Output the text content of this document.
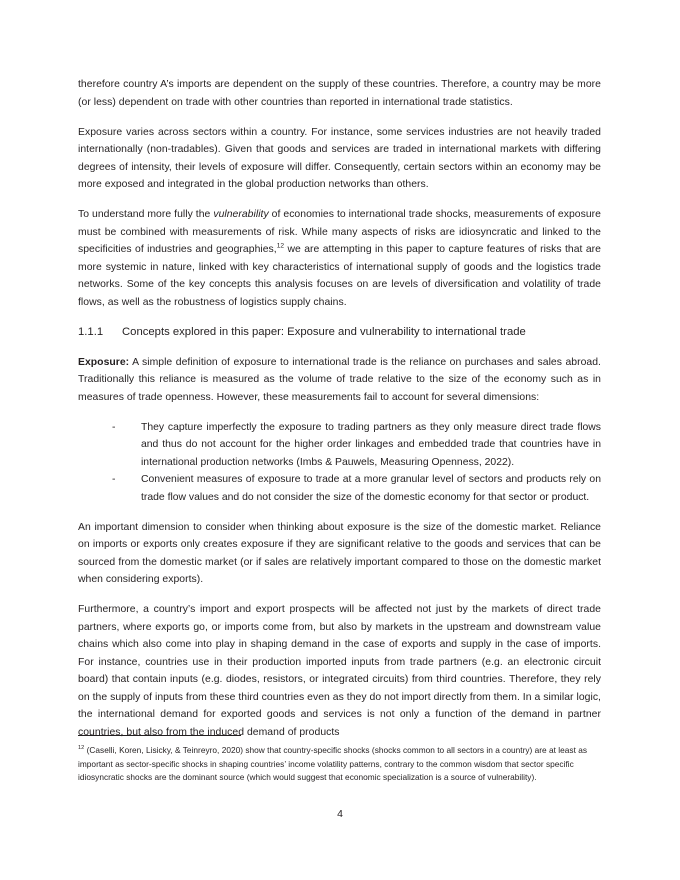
therefore country A’s imports are dependent on the supply of these countries. Therefore, a country may be more (or less) dependent on trade with other countries than reported in international trade statistics.

Exposure varies across sectors within a country. For instance, some services industries are not heavily traded internationally (non-tradables). Given that goods and services are traded in international markets with differing degrees of intensity, their levels of exposure will differ. Consequently, certain sectors within an economy may be more exposed and integrated in the global production networks than others.

To understand more fully the vulnerability of economies to international trade shocks, measurements of exposure must be combined with measurements of risk. While many aspects of risks are idiosyncratic and linked to the specificities of industries and geographies,$^{12}$ we are attempting in this paper to capture features of risks that are more systemic in nature, linked with key characteristics of international supply of goods and the logistics trade networks. Some of the key concepts this analysis focuses on are levels of diversification and volatility of trade flows, as well as the robustness of logistics supply chains.

1.1.1 Concepts explored in this paper: Exposure and vulnerability to international trade

Exposure: A simple definition of exposure to international trade is the reliance on purchases and sales abroad. Traditionally this reliance is measured as the volume of trade relative to the size of the economy such as in measures of trade openness. However, these measurements fail to account for several dimensions:

-	They capture imperfectly the exposure to trading partners as they only measure direct trade flows and thus do not account for the higher order linkages and embedded trade that countries have in international production networks (Imbs & Pauwels, Measuring Openness, 2022).
-	Convenient measures of exposure to trade at a more granular level of sectors and products rely on trade flow values and do not consider the size of the domestic economy for that sector or product.

An important dimension to consider when thinking about exposure is the size of the domestic market. Reliance on imports or exports only creates exposure if they are significant relative to the goods and services that can be sourced from the domestic market (or if sales are relatively important compared to those on the domestic market when considering exports).

Furthermore, a country’s import and export prospects will be affected not just by the markets of direct trade partners, where exports go, or imports come from, but also by markets in the upstream and downstream value chains which also come into play in shaping demand in the case of exports and supply in the case of imports. For instance, countries use in their production imported inputs from trade partners (e.g. an electronic circuit board) that contain inputs (e.g. diodes, resistors, or integrated circuits) from third countries. Therefore, they rely on the supply of inputs from these third countries even as they do not import directly from them. In a similar logic, the international demand for exported goods and services is not only a function of the demand in partner countries, but also from the induced demand of products

$^{12}$ (Caselli, Koren, Lisicky, & Teinreyro, 2020) show that country-specific shocks (shocks common to all sectors in a country) are at least as important as sector-specific shocks in shaping countries’ income volatility patterns, contrary to the common wisdom that sector specific idiosyncratic shocks are the dominant source (which would suggest that economic specialization is a source of vulnerability).

4
